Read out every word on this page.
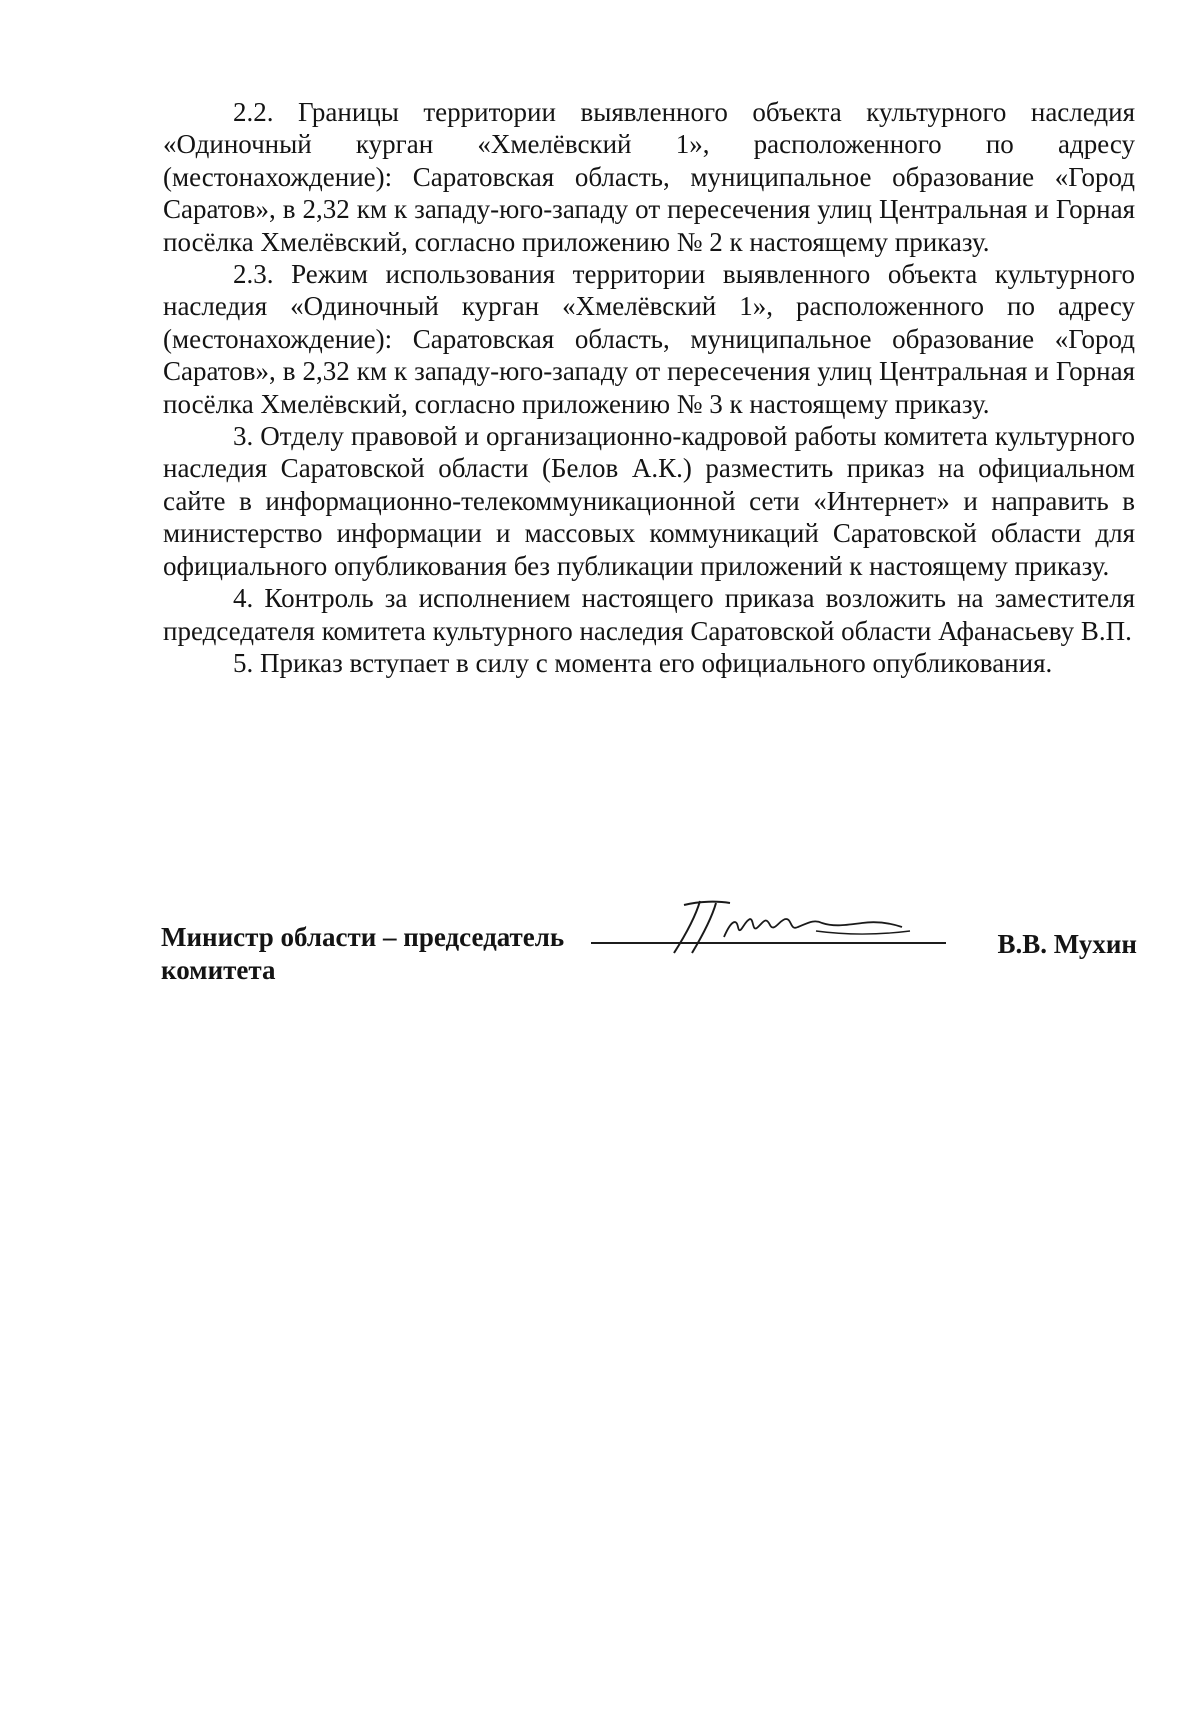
2.2. Границы территории выявленного объекта культурного наследия «Одиночный курган «Хмелёвский 1», расположенного по адресу (местонахождение): Саратовская область, муниципальное образование «Город Саратов», в 2,32 км к западу-юго-западу от пересечения улиц Центральная и Горная посёлка Хмелёвский, согласно приложению № 2 к настоящему приказу.

2.3. Режим использования территории выявленного объекта культурного наследия «Одиночный курган «Хмелёвский 1», расположенного по адресу (местонахождение): Саратовская область, муниципальное образование «Город Саратов», в 2,32 км к западу-юго-западу от пересечения улиц Центральная и Горная посёлка Хмелёвский, согласно приложению № 3 к настоящему приказу.

3. Отделу правовой и организационно-кадровой работы комитета культурного наследия Саратовской области (Белов А.К.) разместить приказ на официальном сайте в информационно-телекоммуникационной сети «Интернет» и направить в министерство информации и массовых коммуникаций Саратовской области для официального опубликования без публикации приложений к настоящему приказу.

4. Контроль за исполнением настоящего приказа возложить на заместителя председателя комитета культурного наследия Саратовской области Афанасьеву В.П.

5. Приказ вступает в силу с момента его официального опубликования.

Министр области – председатель
комитета
В.В. Мухин
